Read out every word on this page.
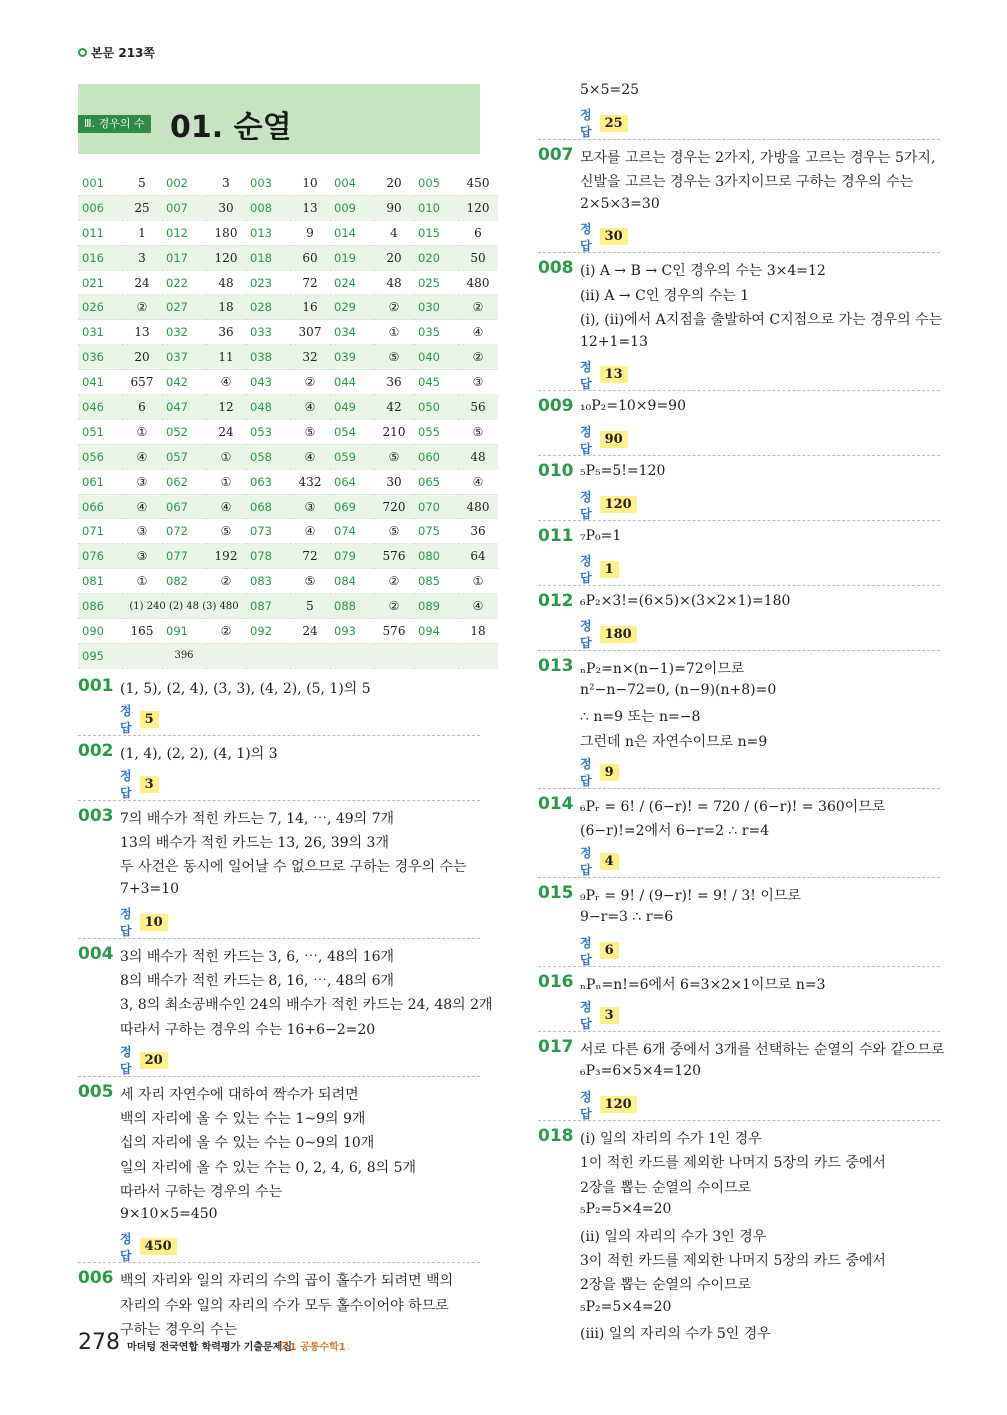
본문 213쪽
Ⅲ. 경우의 수 01. 순열
001	5	002	3	003	10	004	20	005	450
006	25	007	30	008	13	009	90	010	120
011	1	012	180	013	9	014	4	015	6
016	3	017	120	018	60	019	20	020	50
021	24	022	48	023	72	024	48	025	480
026	②	027	18	028	16	029	②	030	②
031	13	032	36	033	307	034	①	035	④
036	20	037	11	038	32	039	⑤	040	②
041	657	042	④	043	②	044	36	045	③
046	6	047	12	048	④	049	42	050	56
051	①	052	24	053	⑤	054	210	055	⑤
056	④	057	①	058	④	059	⑤	060	48
061	③	062	①	063	432	064	30	065	④
066	④	067	④	068	③	069	720	070	480
071	③	072	⑤	073	④	074	⑤	075	36
076	③	077	192	078	72	079	576	080	64
081	①	082	②	083	⑤	084	②	085	①
086	(1) 240 (2) 48 (3) 480			087	5	088	②	089	④
090	165	091	②	092	24	093	576	094	18
095	396								
001 (1, 5), (2, 4), (3, 3), (4, 2), (5, 1)의 5
정답
5
002 (1, 4), (2, 2), (4, 1)의 3
정답
3
003 7의 배수가 적힌 카드는 7, 14, ⋯, 49의 7개
13의 배수가 적힌 카드는 13, 26, 39의 3개
두 사건은 동시에 일어날 수 없으므로 구하는 경우의 수는
7+3=10
정답
10
004 3의 배수가 적힌 카드는 3, 6, ⋯, 48의 16개
8의 배수가 적힌 카드는 8, 16, ⋯, 48의 6개
3, 8의 최소공배수인 24의 배수가 적힌 카드는 24, 48의 2개
따라서 구하는 경우의 수는 16+6−2=20
정답
20
005 세 자리 자연수에 대하여 짝수가 되려면
백의 자리에 올 수 있는 수는 1~9의 9개
십의 자리에 올 수 있는 수는 0~9의 10개
일의 자리에 올 수 있는 수는 0, 2, 4, 6, 8의 5개
따라서 구하는 경우의 수는
9×10×5=450
정답
450
006 백의 자리와 일의 자리의 수의 곱이 홀수가 되려면 백의
자리의 수와 일의 자리의 수가 모두 홀수이어야 하므로
구하는 경우의 수는
5×5=25
정답
25
007 모자를 고르는 경우는 2가지, 가방을 고르는 경우는 5가지,
신발을 고르는 경우는 3가지이므로 구하는 경우의 수는
2×5×3=30
정답
30
008 (ⅰ) A → B → C인 경우의 수는 3×4=12
(ⅱ) A → C인 경우의 수는 1
(ⅰ), (ⅱ)에서 A지점을 출발하여 C지점으로 가는 경우의 수는
12+1=13
정답
13
009 ₁₀P₂=10×9=90
정답
90
010 ₅P₅=5!=120
정답
120
011 ₇P₀=1
정답
1
012 ₆P₂×3!=(6×5)×(3×2×1)=180
정답
180
013 ₙP₂=n×(n−1)=72이므로
n²−n−72=0, (n−9)(n+8)=0
∴ n=9 또는 n=−8
그런데 n은 자연수이므로 n=9
정답
9
014 ₆Pᵣ = 6! / (6−r)! = 720 / (6−r)! = 360이므로
(6−r)!=2에서 6−r=2 ∴ r=4
정답
4
015 ₉Pᵣ = 9! / (9−r)! = 9! / 3! 이므로
9−r=3 ∴ r=6
정답
6
016 ₙPₙ=n!=6에서 6=3×2×1이므로 n=3
정답
3
017 서로 다른 6개 중에서 3개를 선택하는 순열의 수와 같으므로
₆P₃=6×5×4=120
정답
120
018 (ⅰ) 일의 자리의 수가 1인 경우
1이 적힌 카드를 제외한 나머지 5장의 카드 중에서
2장을 뽑는 순열의 수이므로
₅P₂=5×4=20
(ⅱ) 일의 자리의 수가 3인 경우
3이 적힌 카드를 제외한 나머지 5장의 카드 중에서
2장을 뽑는 순열의 수이므로
₅P₂=5×4=20
(ⅲ) 일의 자리의 수가 5인 경우
278 마더텅 전국연합 학력평가 기출문제집
고1 공통수학1
